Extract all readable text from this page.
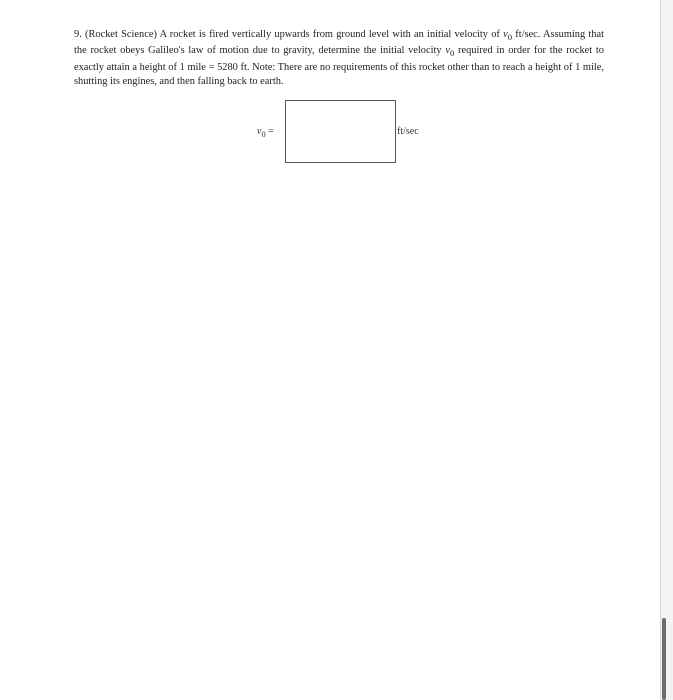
9. (Rocket Science) A rocket is fired vertically upwards from ground level with an initial velocity of $v_0$ ft/sec. Assuming that the rocket obeys Galileo's law of motion due to gravity, determine the initial velocity $v_0$ required in order for the rocket to exactly attain a height of 1 mile = 5280 ft. Note: There are no requirements of this rocket other than to reach a height of 1 mile, shutting its engines, and then falling back to earth.
$v_0$ =	ft/sec
